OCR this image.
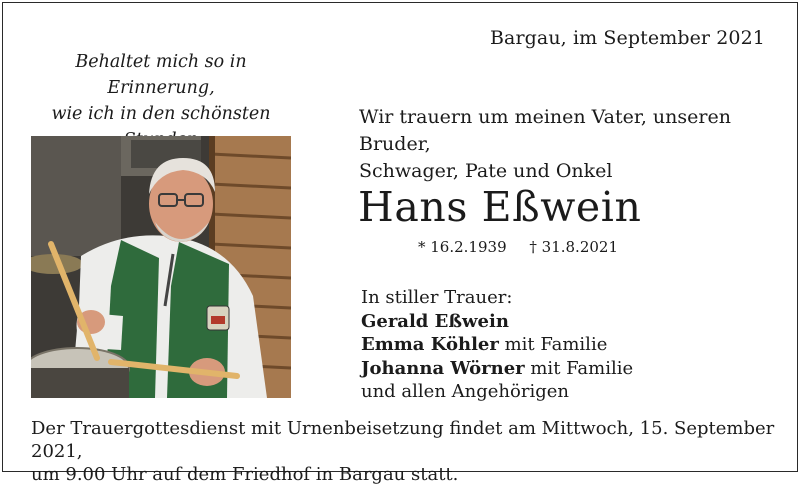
Bargau, im September 2021
Behaltet mich so in Erinnerung,
wie ich in den schönsten	Wir trauern um meinen Vater, unseren Bruder,
Schwager, Pate und Onkel
Hans Eßwein
* 16.2.1939 † 31.8.2021
In stiller Trauer:
Gerald Eßwein
Emma Köhler mit Familie
Johanna Wörner mit Familie
und allen Angehörigen
Der Trauergottesdienst mit Urnenbeisetzung findet am Mittwoch, 15. September 2021,
um 9.00 Uhr auf dem Friedhof in Bargau statt.
